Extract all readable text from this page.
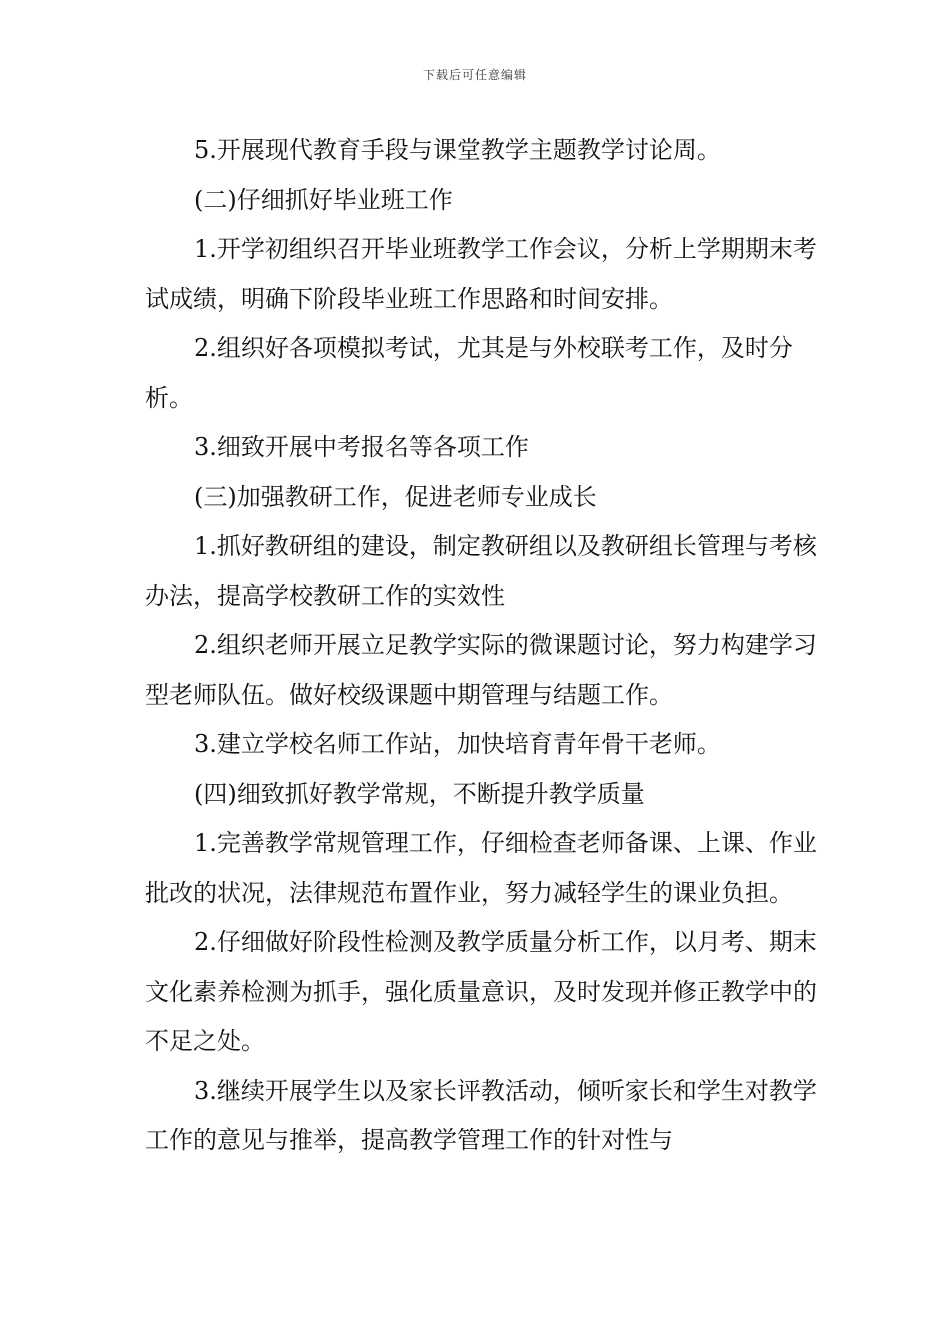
下载后可任意编辑

5.开展现代教育手段与课堂教学主题教学讨论周。

(二)仔细抓好毕业班工作

1.开学初组织召开毕业班教学工作会议，分析上学期期末考试成绩，明确下阶段毕业班工作思路和时间安排。

2.组织好各项模拟考试，尤其是与外校联考工作，及时分析。

3.细致开展中考报名等各项工作

(三)加强教研工作，促进老师专业成长

1.抓好教研组的建设，制定教研组以及教研组长管理与考核办法，提高学校教研工作的实效性

2.组织老师开展立足教学实际的微课题讨论，努力构建学习型老师队伍。做好校级课题中期管理与结题工作。

3.建立学校名师工作站，加快培育青年骨干老师。

(四)细致抓好教学常规，不断提升教学质量

1.完善教学常规管理工作，仔细检查老师备课、上课、作业批改的状况，法律规范布置作业，努力减轻学生的课业负担。

2.仔细做好阶段性检测及教学质量分析工作，以月考、期末文化素养检测为抓手，强化质量意识，及时发现并修正教学中的不足之处。

3.继续开展学生以及家长评教活动，倾听家长和学生对教学工作的意见与推举，提高教学管理工作的针对性与
